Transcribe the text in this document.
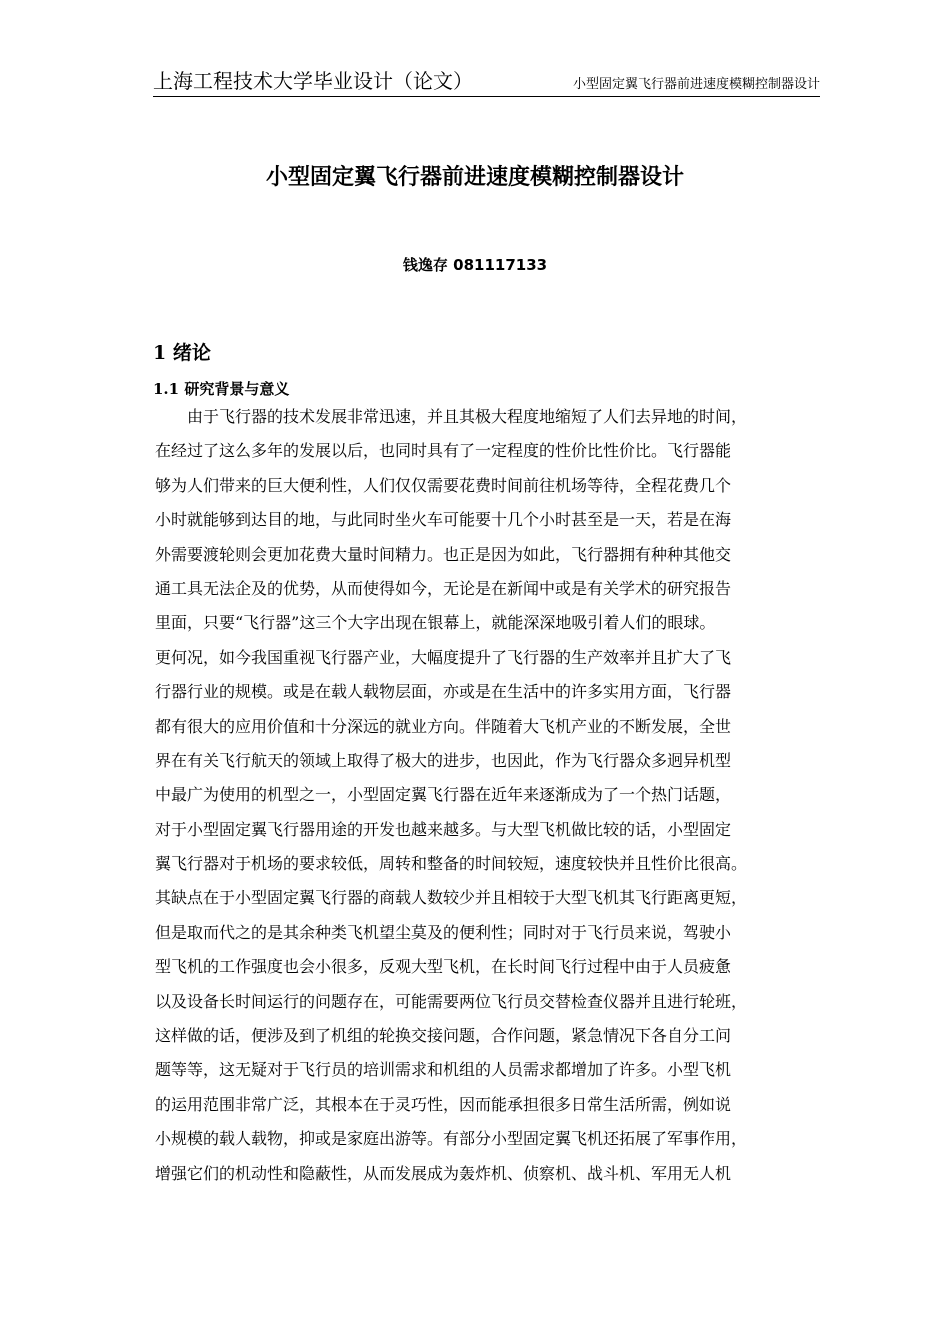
上海工程技术大学毕业设计（论文）	小型固定翼飞行器前进速度模糊控制器设计
小型固定翼飞行器前进速度模糊控制器设计
钱逸存 081117133
1 绪论
1.1 研究背景与意义
由于飞行器的技术发展非常迅速，并且其极大程度地缩短了人们去异地的时间，
在经过了这么多年的发展以后，也同时具有了一定程度的性价比性价比。飞行器能
够为人们带来的巨大便利性，人们仅仅需要花费时间前往机场等待，全程花费几个
小时就能够到达目的地，与此同时坐火车可能要十几个小时甚至是一天，若是在海
外需要渡轮则会更加花费大量时间精力。也正是因为如此，飞行器拥有种种其他交
通工具无法企及的优势，从而使得如今，无论是在新闻中或是有关学术的研究报告
里面，只要“飞行器”这三个大字出现在银幕上，就能深深地吸引着人们的眼球。
更何况，如今我国重视飞行器产业，大幅度提升了飞行器的生产效率并且扩大了飞
行器行业的规模。或是在载人载物层面，亦或是在生活中的许多实用方面，飞行器
都有很大的应用价值和十分深远的就业方向。伴随着大飞机产业的不断发展，全世
界在有关飞行航天的领域上取得了极大的进步，也因此，作为飞行器众多迥异机型
中最广为使用的机型之一，小型固定翼飞行器在近年来逐渐成为了一个热门话题，
对于小型固定翼飞行器用途的开发也越来越多。与大型飞机做比较的话，小型固定
翼飞行器对于机场的要求较低，周转和整备的时间较短，速度较快并且性价比很高。
其缺点在于小型固定翼飞行器的商载人数较少并且相较于大型飞机其飞行距离更短，
但是取而代之的是其余种类飞机望尘莫及的便利性；同时对于飞行员来说，驾驶小
型飞机的工作强度也会小很多，反观大型飞机，在长时间飞行过程中由于人员疲惫
以及设备长时间运行的问题存在，可能需要两位飞行员交替检查仪器并且进行轮班，
这样做的话，便涉及到了机组的轮换交接问题，合作问题，紧急情况下各自分工问
题等等，这无疑对于飞行员的培训需求和机组的人员需求都增加了许多。小型飞机
的运用范围非常广泛，其根本在于灵巧性，因而能承担很多日常生活所需，例如说
小规模的载人载物，抑或是家庭出游等。有部分小型固定翼飞机还拓展了军事作用，
增强它们的机动性和隐蔽性，从而发展成为轰炸机、侦察机、战斗机、军用无人机
